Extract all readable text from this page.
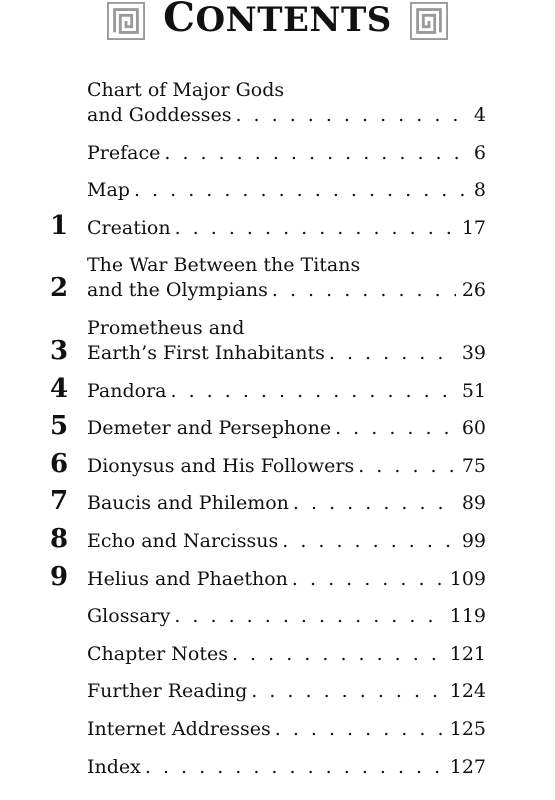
CONTENTS
Chart of Major Gods
and Goddesses . . .	4
Preface . . .	6
Map . . .	8
1 Creation . . .	17
2
The War Between the Titans
and the Olympians . . .	26
3
Prometheus and
Earth’s First Inhabitants . . .	39
4 Pandora . . .	51
5 Demeter and Persephone . . .	60
6 Dionysus and His Followers . . .	75
7 Baucis and Philemon . . .	89
8 Echo and Narcissus . . .	99
9 Helius and Phaethon . . .	109
Glossary . . .	119
Chapter Notes . . .	121
Further Reading . . .	124
Internet Addresses . . .	125
Index . . .	127
